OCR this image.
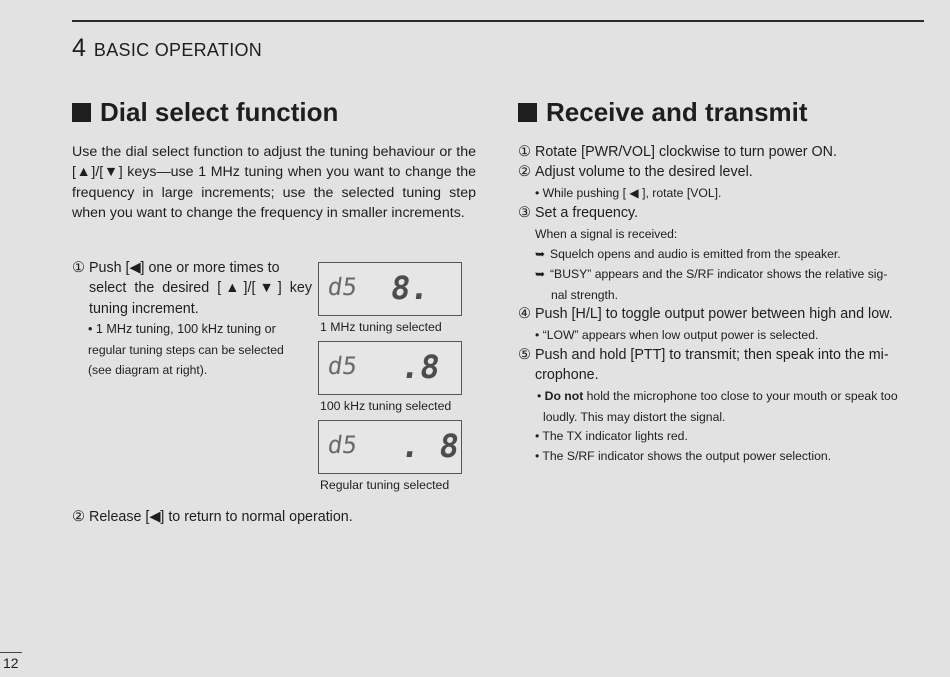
4 BASIC OPERATION
Dial select function
Use the dial select function to adjust the tuning behaviour or the [▲]/[▼] keys—use 1 MHz tuning when you want to change the frequency in large increments; use the selected tuning step when you want to change the frequency in smaller increments.
① Push [◀] one or more times to
select the desired [▲]/[▼] key tuning increment.
• 1 MHz tuning, 100 kHz tuning or
regular tuning steps can be selected (see diagram at right).
d5 8.
1 MHz tuning selected
d5 .8
100 kHz tuning selected
d5 . 8
Regular tuning selected
② Release [◀] to return to normal operation.
Receive and transmit
① Rotate [PWR/VOL] clockwise to turn power ON.
② Adjust volume to the desired level.
• While pushing [ ◀ ], rotate [VOL].
③ Set a frequency.
When a signal is received:
➥ Squelch opens and audio is emitted from the speaker.
➥ “BUSY” appears and the S/RF indicator shows the relative sig-
nal strength.
④ Push [H/L] to toggle output power between high and low.
• “LOW” appears when low output power is selected.
⑤ Push and hold [PTT] to transmit; then speak into the mi-
crophone.
• Do not hold the microphone too close to your mouth or speak too loudly. This may distort the signal.
• The TX indicator lights red.
• The S/RF indicator shows the output power selection.
12
